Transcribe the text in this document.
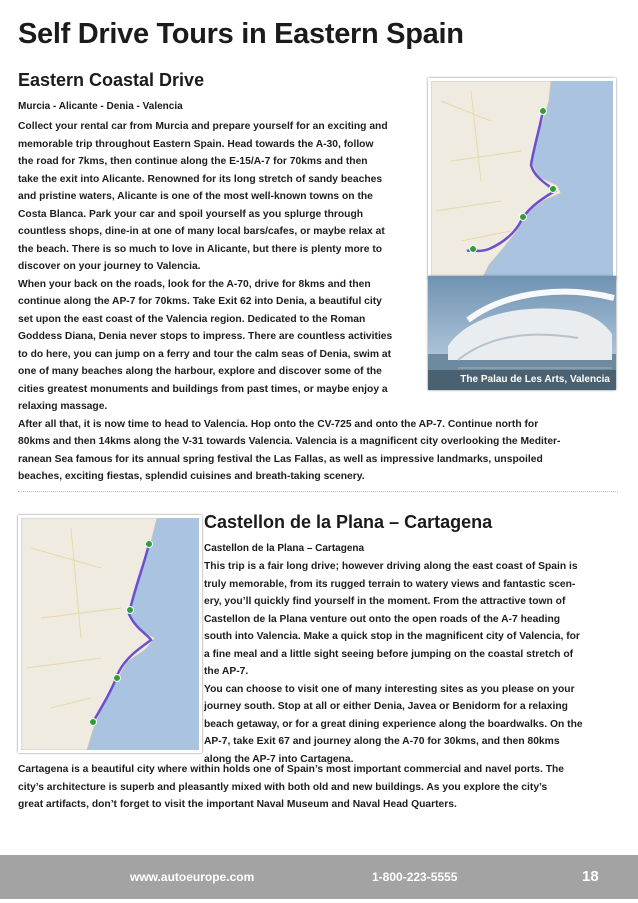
Self Drive Tours in Eastern Spain
Eastern Coastal Drive
Murcia - Alicante - Denia - Valencia
Collect your rental car from Murcia and prepare yourself for an exciting and
memorable trip throughout Eastern Spain. Head towards the A-30, follow
the road for 7kms, then continue along the E-15/A-7 for 70kms and then
take the exit into Alicante. Renowned for its long stretch of sandy beaches
and pristine waters, Alicante is one of the most well-known towns on the
Costa Blanca. Park your car and spoil yourself as you splurge through
countless shops, dine-in at one of many local bars/cafes, or maybe relax at
the beach. There is so much to love in Alicante, but there is plenty more to
discover on your journey to Valencia.
When your back on the roads, look for the A-70, drive for 8kms and then
continue along the AP-7 for 70kms. Take Exit 62 into Denia, a beautiful city
set upon the east coast of the Valencia region. Dedicated to the Roman
Goddess Diana, Denia never stops to impress. There are countless activities
to do here, you can jump on a ferry and tour the calm seas of Denia, swim at
one of many beaches along the harbour, explore and discover some of the
cities greatest monuments and buildings from past times, or maybe enjoy a
relaxing massage.
After all that, it is now time to head to Valencia. Hop onto the CV-725 and onto the AP-7. Continue north for
80kms and then 14kms along the V-31 towards Valencia. Valencia is a magnificent city overlooking the Mediter-
ranean Sea famous for its annual spring festival the Las Fallas, as well as impressive landmarks, unspoiled
beaches, exciting fiestas, splendid cuisines and breath-taking scenery.
The Palau de Les Arts, Valencia
Castellon de la Plana – Cartagena
Castellon de la Plana – Cartagena
This trip is a fair long drive; however driving along the east coast of Spain is
truly memorable, from its rugged terrain to watery views and fantastic scen-
ery, you’ll quickly find yourself in the moment. From the attractive town of
Castellon de la Plana venture out onto the open roads of the A-7 heading
south into Valencia. Make a quick stop in the magnificent city of Valencia, for
a fine meal and a little sight seeing before jumping on the coastal stretch of
the AP-7.
You can choose to visit one of many interesting sites as you please on your
journey south. Stop at all or either Denia, Javea or Benidorm for a relaxing
beach getaway, or for a great dining experience along the boardwalks. On the
AP-7, take Exit 67 and journey along the A-70 for 30kms, and then 80kms
along the AP-7 into Cartagena.
Cartagena is a beautiful city where within holds one of Spain’s most important commercial and navel ports. The
city’s architecture is superb and pleasantly mixed with both old and new buildings. As you explore the city’s
great artifacts, don’t forget to visit the important Naval Museum and Naval Head Quarters.
www.autoeurope.com	1-800-223-5555	18
